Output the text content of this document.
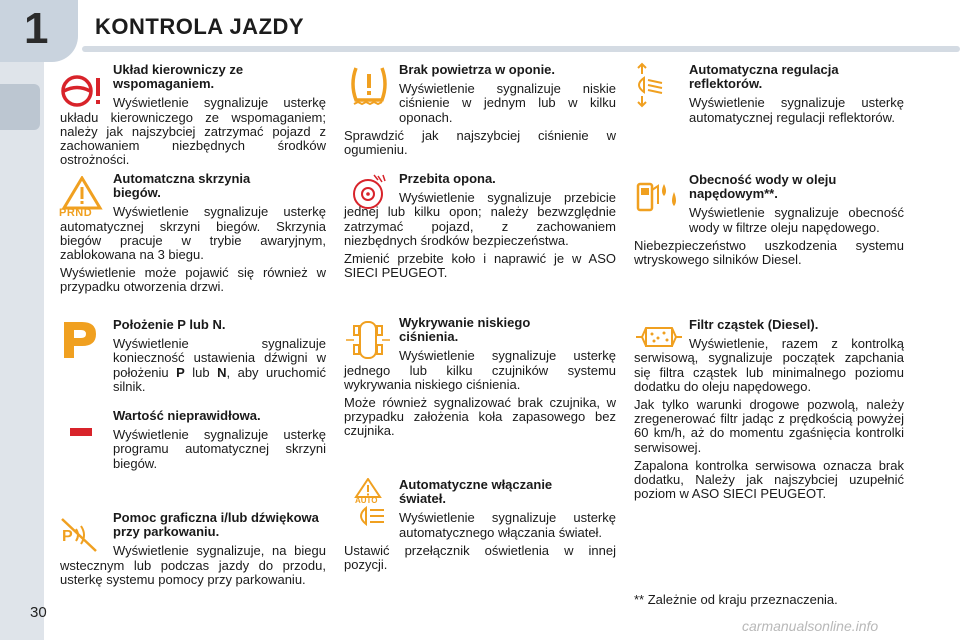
1 KONTROLA JAZDY
Układ kierowniczy ze wspomaganiem.

Wyświetlenie sygnalizuje usterkę układu kierowniczego ze wspomaganiem; należy jak najszybciej zatrzymać pojazd z zachowaniem niezbędnych środków ostrożności.

PRND
Automatczna skrzynia biegów.

Wyświetlenie sygnalizuje usterkę automatycznej skrzyni biegów. Skrzynia biegów pracuje w trybie awaryjnym, zablokowana na 3 biegu.

Wyświetlenie może pojawić się również w przypadku otworzenia drzwi.

Położenie P lub N.

Wyświetlenie sygnalizuje konieczność ustawienia dźwigni w położeniu P lub N, aby uruchomić silnik.

Wartość nieprawidłowa.

Wyświetlenie sygnalizuje usterkę programu automatycznej skrzyni biegów.

P
Pomoc graficzna i/lub dźwiękowa przy parkowaniu.

Wyświetlenie sygnalizuje, na biegu wstecznym lub podczas jazdy do przodu, usterkę systemu pomocy przy parkowaniu.

Brak powietrza w oponie.

Wyświetlenie sygnalizuje niskie ciśnienie w jednym lub w kilku oponach.

Sprawdzić jak najszybciej ciśnienie w ogumieniu.

Przebita opona.

Wyświetlenie sygnalizuje przebicie jednej lub kilku opon; należy bezwzględnie zatrzymać pojazd, z zachowaniem niezbędnych środków bezpieczeństwa.

Zmienić przebite koło i naprawić je w ASO SIECI PEUGEOT.

Wykrywanie niskiego ciśnienia.

Wyświetlenie sygnalizuje usterkę jednego lub kilku czujników systemu wykrywania niskiego ciśnienia.

Może również sygnalizować brak czujnika, w przypadku założenia koła zapasowego bez czujnika.

AUTO
Automatyczne włączanie świateł.

Wyświetlenie sygnalizuje usterkę automatycznego włączania świateł.

Ustawić przełącznik oświetlenia w innej pozycji.

Automatyczna regulacja reflektorów.

Wyświetlenie sygnalizuje usterkę automatycznej regulacji reflektorów.

Obecność wody w oleju napędowym**.

Wyświetlenie sygnalizuje obecność wody w filtrze oleju napędowego.

Niebezpieczeństwo uszkodzenia systemu wtryskowego silników Diesel.

Filtr cząstek (Diesel).

Wyświetlenie, razem z kontrolką serwisową, sygnalizuje początek zapchania się filtra cząstek lub minimalnego poziomu dodatku do oleju napędowego.

Jak tylko warunki drogowe pozwolą, należy zregenerować filtr jadąc z prędkością powyżej 60 km/h, aż do momentu zgaśnięcia kontrolki serwisowej.

Zapalona kontrolka serwisowa oznacza brak dodatku, Należy jak najszybciej uzupełnić poziom w ASO SIECI PEUGEOT.

** Zależnie od kraju przeznaczenia.
30
carmanualsonline.info
